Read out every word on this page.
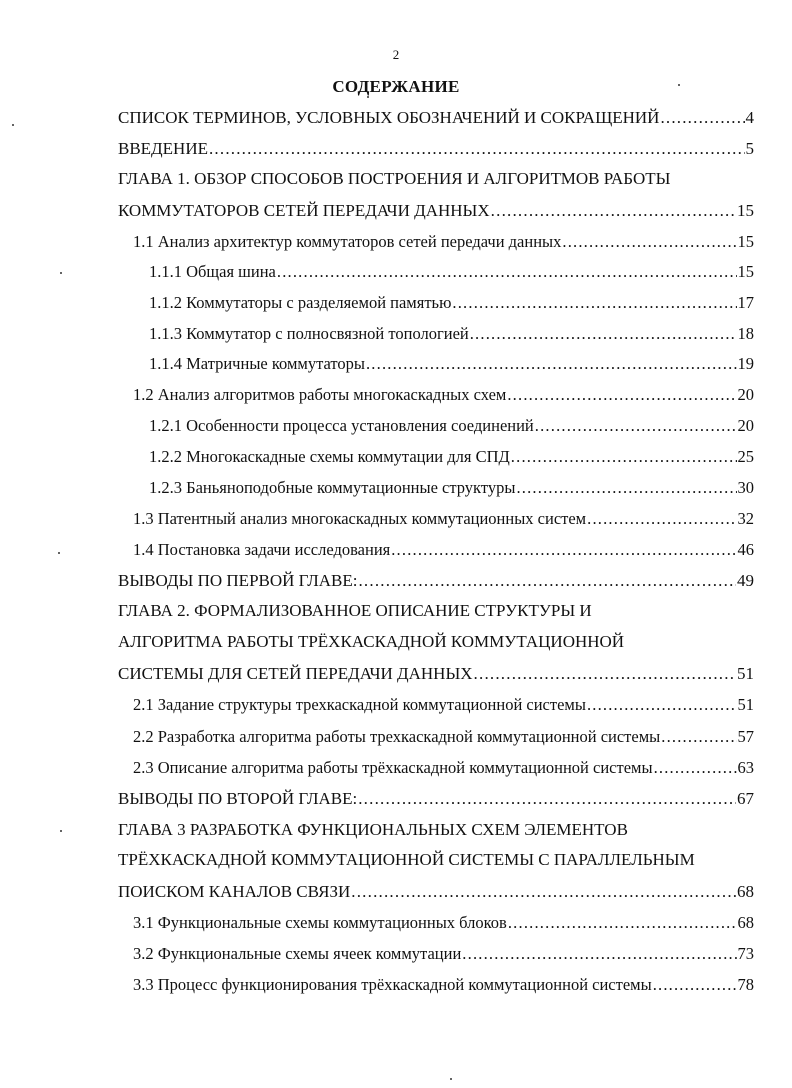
2
СОДЕРЖАНИЕ
СПИСОК ТЕРМИНОВ, УСЛОВНЫХ ОБОЗНАЧЕНИЙ И СОКРАЩЕНИЙ .....	4
ВВЕДЕНИЕ .....	5
ГЛАВА 1. ОБЗОР СПОСОБОВ ПОСТРОЕНИЯ И АЛГОРИТМОВ РАБОТЫ
КОММУТАТОРОВ СЕТЕЙ ПЕРЕДАЧИ ДАННЫХ .....	15
1.1 Анализ архитектур коммутаторов сетей передачи данных .....	15
1.1.1 Общая шина .....	15
1.1.2 Коммутаторы с разделяемой памятью .....	17
1.1.3 Коммутатор с полносвязной топологией .....	18
1.1.4 Матричные коммутаторы .....	19
1.2 Анализ алгоритмов работы многокаскадных схем .....	20
1.2.1 Особенности процесса установления соединений .....	20
1.2.2 Многокаскадные схемы коммутации для СПД .....	25
1.2.3 Баньяноподобные коммутационные структуры .....	30
1.3 Патентный анализ многокаскадных коммутационных систем .....	32
1.4 Постановка задачи исследования .....	46
ВЫВОДЫ ПО ПЕРВОЙ ГЛАВЕ: .....	49
ГЛАВА 2. ФОРМАЛИЗОВАННОЕ ОПИСАНИЕ СТРУКТУРЫ И
АЛГОРИТМА РАБОТЫ ТРЁХКАСКАДНОЙ КОММУТАЦИОННОЙ
СИСТЕМЫ ДЛЯ СЕТЕЙ ПЕРЕДАЧИ ДАННЫХ .....	51
2.1 Задание структуры трехкаскадной коммутационной системы .....	51
2.2 Разработка алгоритма работы трехкаскадной коммутационной системы .....	57
2.3 Описание алгоритма работы трёхкаскадной коммутационной системы .....	63
ВЫВОДЫ ПО ВТОРОЙ ГЛАВЕ: .....	67
ГЛАВА 3 РАЗРАБОТКА ФУНКЦИОНАЛЬНЫХ СХЕМ ЭЛЕМЕНТОВ
ТРЁХКАСКАДНОЙ КОММУТАЦИОННОЙ СИСТЕМЫ С ПАРАЛЛЕЛЬНЫМ
ПОИСКОМ КАНАЛОВ СВЯЗИ .....	68
3.1 Функциональные схемы коммутационных блоков .....	68
3.2 Функциональные схемы ячеек коммутации .....	73
3.3 Процесс функционирования трёхкаскадной коммутационной системы .....	78
